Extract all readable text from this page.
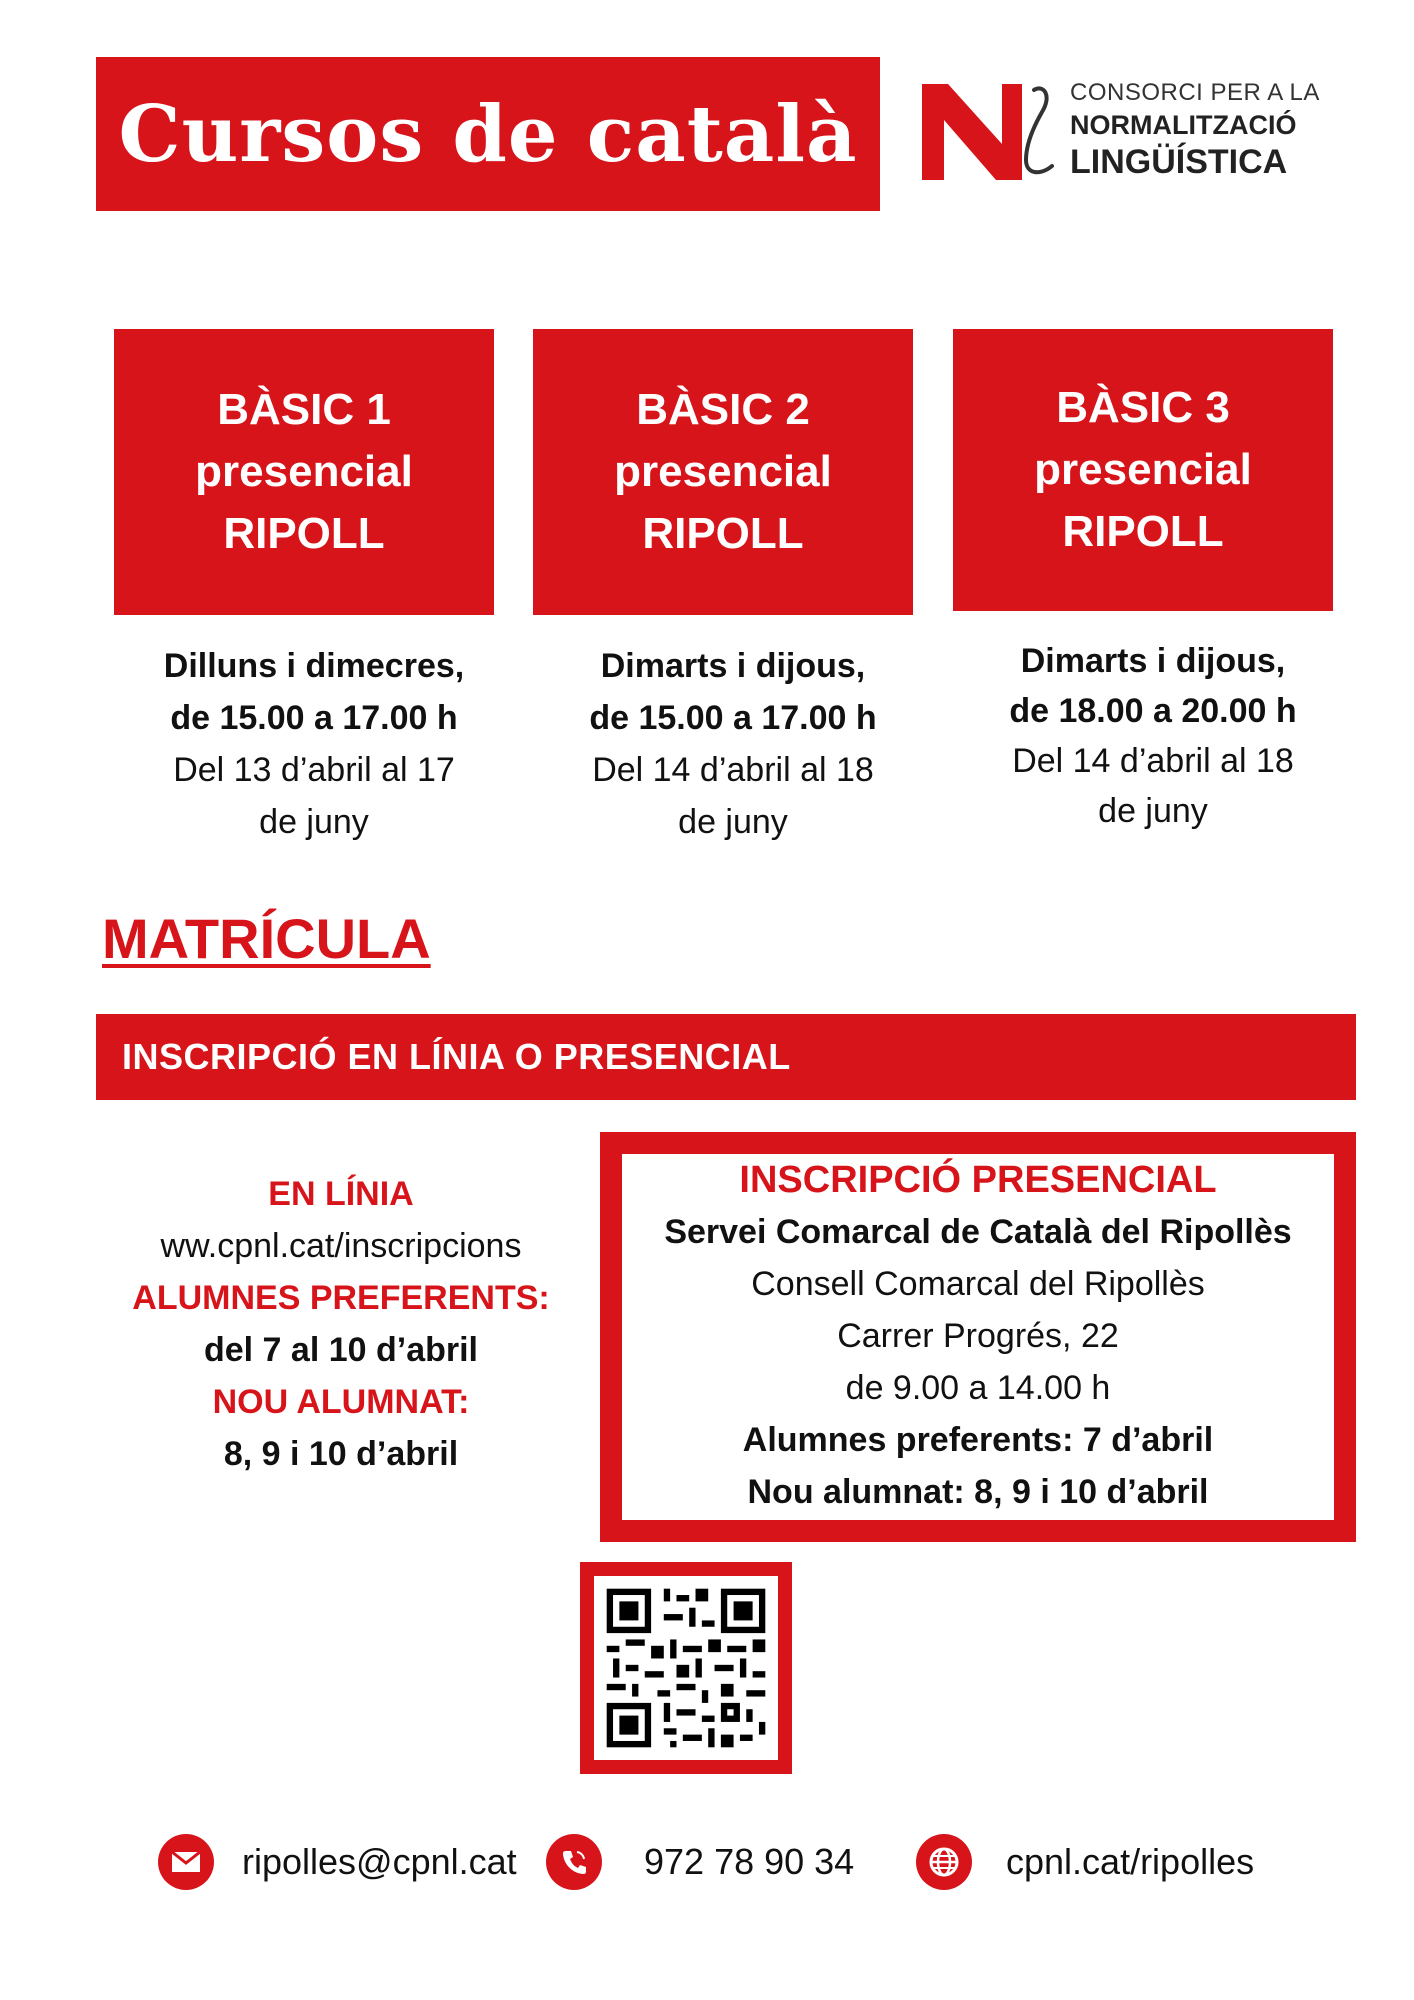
Cursos de català	CONSORCI PER A LA
NORMALITZACIÓ
LINGÜÍSTICA
BÀSIC 1
presencial
RIPOLL
BÀSIC 2
presencial
RIPOLL
BÀSIC 3
presencial
RIPOLL
Dilluns i dimecres,
de 15.00 a 17.00 h
Del 13 d’abril al 17
de juny
Dimarts i dijous,
de 15.00 a 17.00 h
Del 14 d’abril al 18
de juny
Dimarts i dijous,
de 18.00 a 20.00 h
Del 14 d’abril al 18
de juny
MATRÍCULA
INSCRIPCIÓ EN LÍNIA O PRESENCIAL
EN LÍNIA
ww.cpnl.cat/inscripcions
ALUMNES PREFERENTS:
del 7 al 10 d’abril
NOU ALUMNAT:
8, 9 i 10 d’abril
INSCRIPCIÓ PRESENCIAL
Servei Comarcal de Català del Ripollès
Consell Comarcal del Ripollès
Carrer Progrés, 22
de 9.00 a 14.00 h
Alumnes preferents: 7 d’abril
Nou alumnat: 8, 9 i 10 d’abril
ripolles@cpnl.cat	972 78 90 34	cpnl.cat/ripolles
